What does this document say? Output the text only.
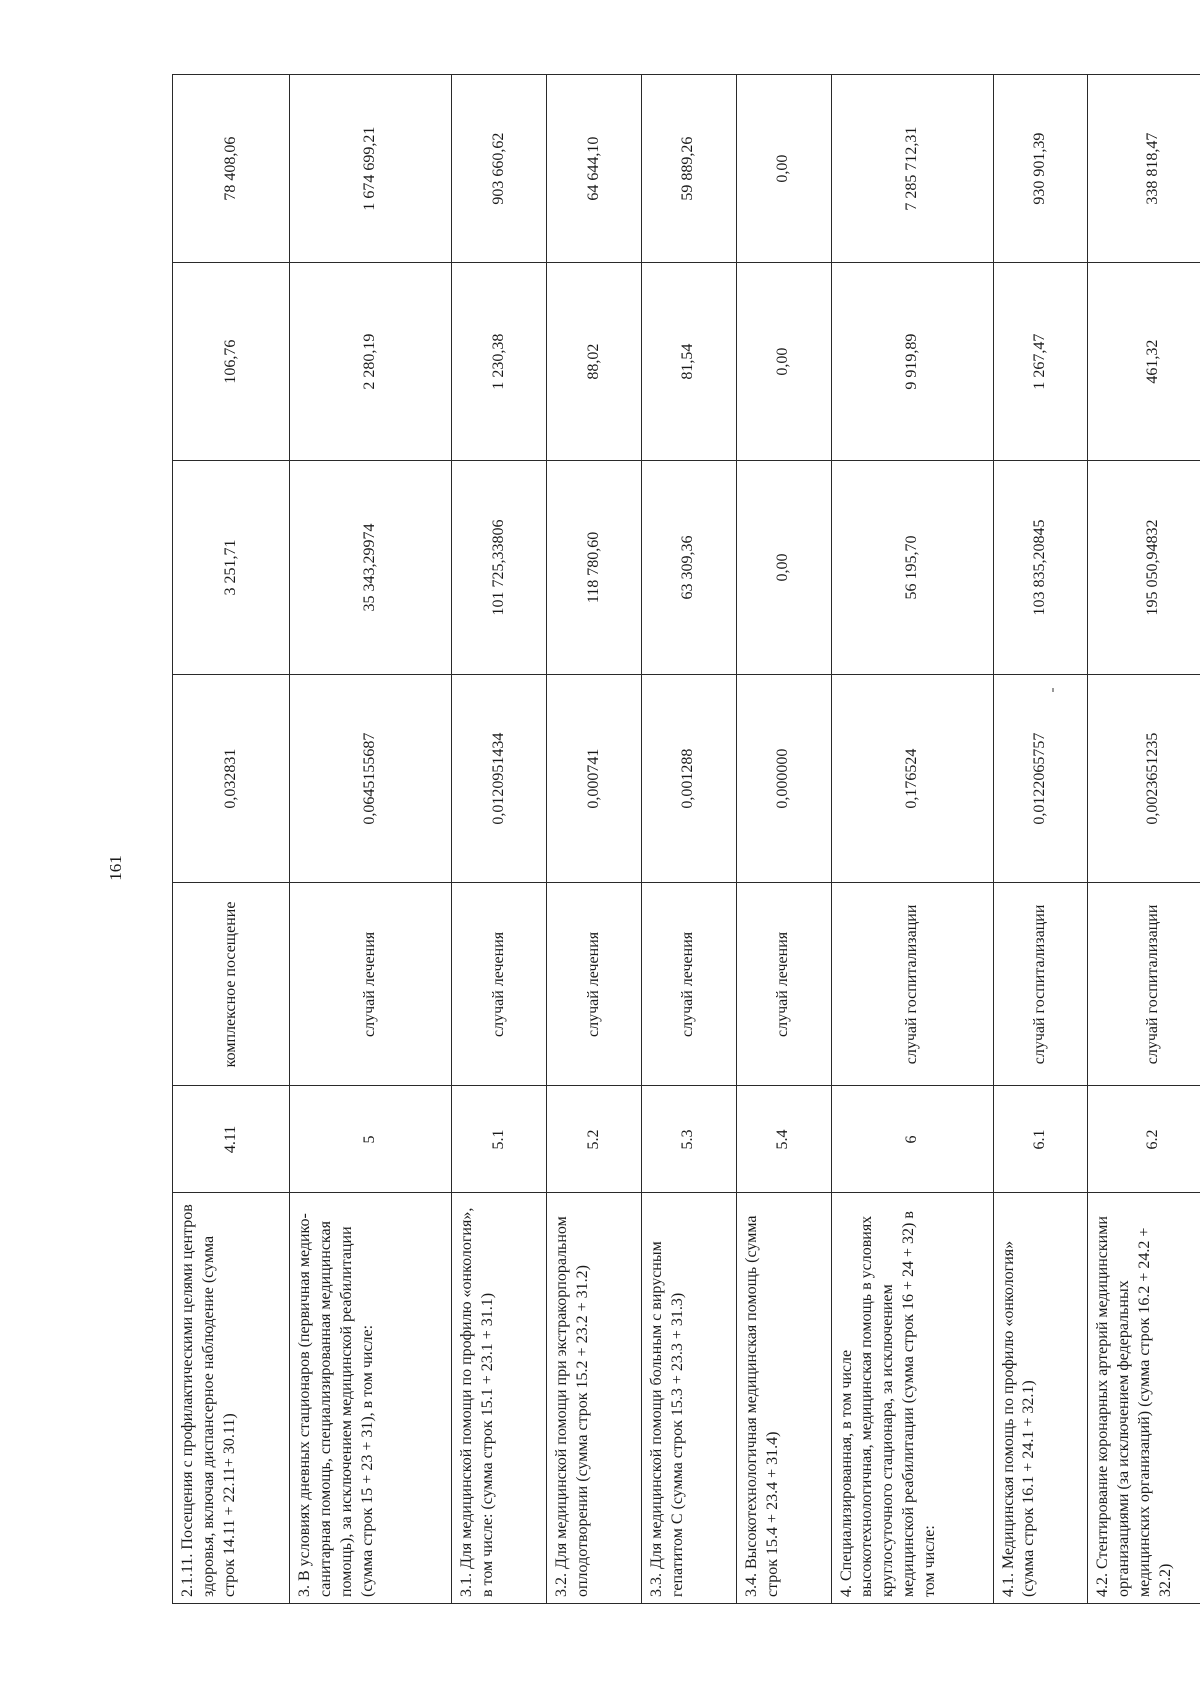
161
2.1.11. Посещения с профилактическими целями центров здоровья, включая диспансерное наблюдение (сумма строк 14.11 + 22.11+ 30.11)	4.11	комплексное посещение	0,032831	3 251,71	106,76	78 408,06
3. В условиях дневных стационаров (первичная медико-санитарная помощь, специализированная медицинская помощь), за исключением медицинской реабилитации (сумма строк 15 + 23 + 31), в том числе:	5	случай лечения	0,0645155687	35 343,29974	2 280,19	1 674 699,21
3.1. Для медицинской помощи по профилю «онкология», в том числе: (сумма строк 15.1 + 23.1 + 31.1)	5.1	случай лечения	0,0120951434	101 725,33806	1 230,38	903 660,62
3.2. Для медицинской помощи при экстракорпоральном оплодотворении (сумма строк 15.2 + 23.2 + 31.2)	5.2	случай лечения	0,000741	118 780,60	88,02	64 644,10
3.3. Для медицинской помощи больным с вирусным гепатитом С (сумма строк 15.3 + 23.3 + 31.3)	5.3	случай лечения	0,001288	63 309,36	81,54	59 889,26
3.4. Высокотехнологичная медицинская помощь (сумма строк 15.4 + 23.4 + 31.4)	5.4	случай лечения	0,000000	0,00	0,00	0,00
4. Специализированная, в том числе высокотехнологичная, медицинская помощь в условиях круглосуточного стационара, за исключением медицинской реабилитации (сумма строк 16 + 24 + 32) в том числе:	6	случай госпитализации	0,176524	56 195,70	9 919,89	7 285 712,31
4.1. Медицинская помощь по профилю «онкология» (сумма строк 16.1 + 24.1 + 32.1)	6.1	случай госпитализации	0,0122065757	103 835,20845	1 267,47	930 901,39
4.2. Стентирование коронарных артерий медицинскими организациями (за исключением федеральных медицинских организаций) (сумма строк 16.2 + 24.2 + 32.2)	6.2	случай госпитализации	0,0023651235	195 050,94832	461,32	338 818,47
